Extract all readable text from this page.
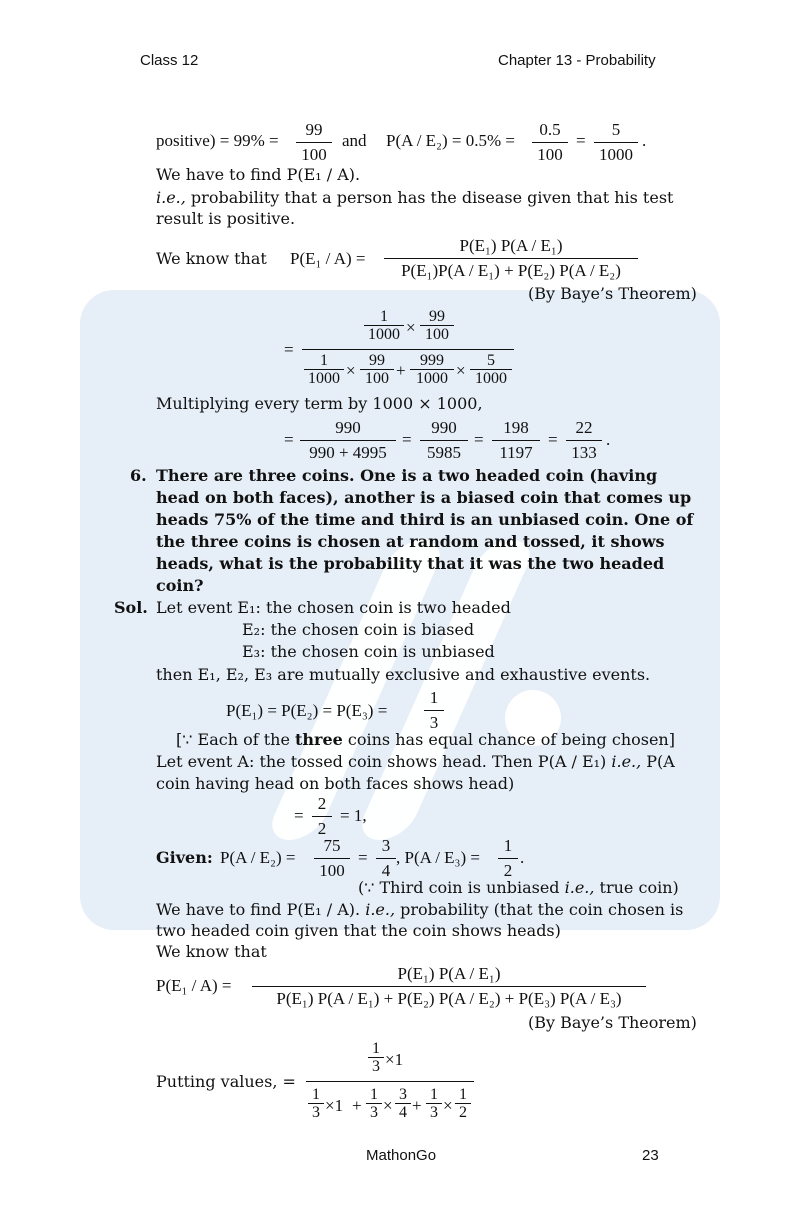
Class 12	Chapter 13 - Probability
positive) = $99\% = \frac{99}{100}$ and $P(A / E_2) = 0.5\% = \frac{0.5}{100} = \frac{5}{1000}$ .
We have to find P(E₁ / A).
i.e., probability that a person has the disease given that his test
result is positive.
We know that $P(E_1 / A) = \frac{\text{P(E₁) P(A / E₁)}}{\text{P(E₁)P(A / E₁) + P(E₂) P(A / E₂)}}$
(By Baye’s Theorem)
=
$\frac{1}{1000} \times \frac{99}{100}$
$\frac{1}{1000} \times \frac{99}{100} + \frac{999}{1000} \times \frac{5}{1000}$
Multiplying every term by 1000 × 1000,
= $\frac{990}{990 + 4995} = \frac{990}{5985} = \frac{198}{1197} = \frac{22}{133}$ .
6. There are three coins. One is a two headed coin (having
head on both faces), another is a biased coin that comes up
heads 75% of the time and third is an unbiased coin. One of
the three coins is chosen at random and tossed, it shows
heads, what is the probability that it was the two headed
coin?
Sol. Let event E₁: the chosen coin is two headed
E₂: the chosen coin is biased
E₃: the chosen coin is unbiased
then E₁, E₂, E₃ are mutually exclusive and exhaustive events.
$P(E_1) = P(E_2) = P(E_3) = \frac{1}{3}$
[∵ Each of the three coins has equal chance of being chosen]
Let event A: the tossed coin shows head. Then P(A / E₁) i.e., P(A
coin having head on both faces shows head)
= $\frac{2}{2} = 1$,
Given: $P(A / E_2) = \frac{75}{100} = \frac{3}{4}$ , $P(A / E_3) = \frac{1}{2}$ .
(∵ Third coin is unbiased i.e., true coin)
We have to find P(E₁ / A). i.e., probability (that the coin chosen is
two headed coin given that the coin shows heads)
We know that
$P(E_1 / A) = \frac{\text{P(E₁) P(A / E₁)}}{\text{P(E₁) P(A / E₁) + P(E₂) P(A / E₂) + P(E₃) P(A / E₃)}}$
(By Baye’s Theorem)
Putting values, =
$\frac{1}{3} \times 1$
$\frac{1}{3} \times 1 + \frac{1}{3} \times \frac{3}{4} + \frac{1}{3} \times \frac{1}{2}$
MathonGo	23
